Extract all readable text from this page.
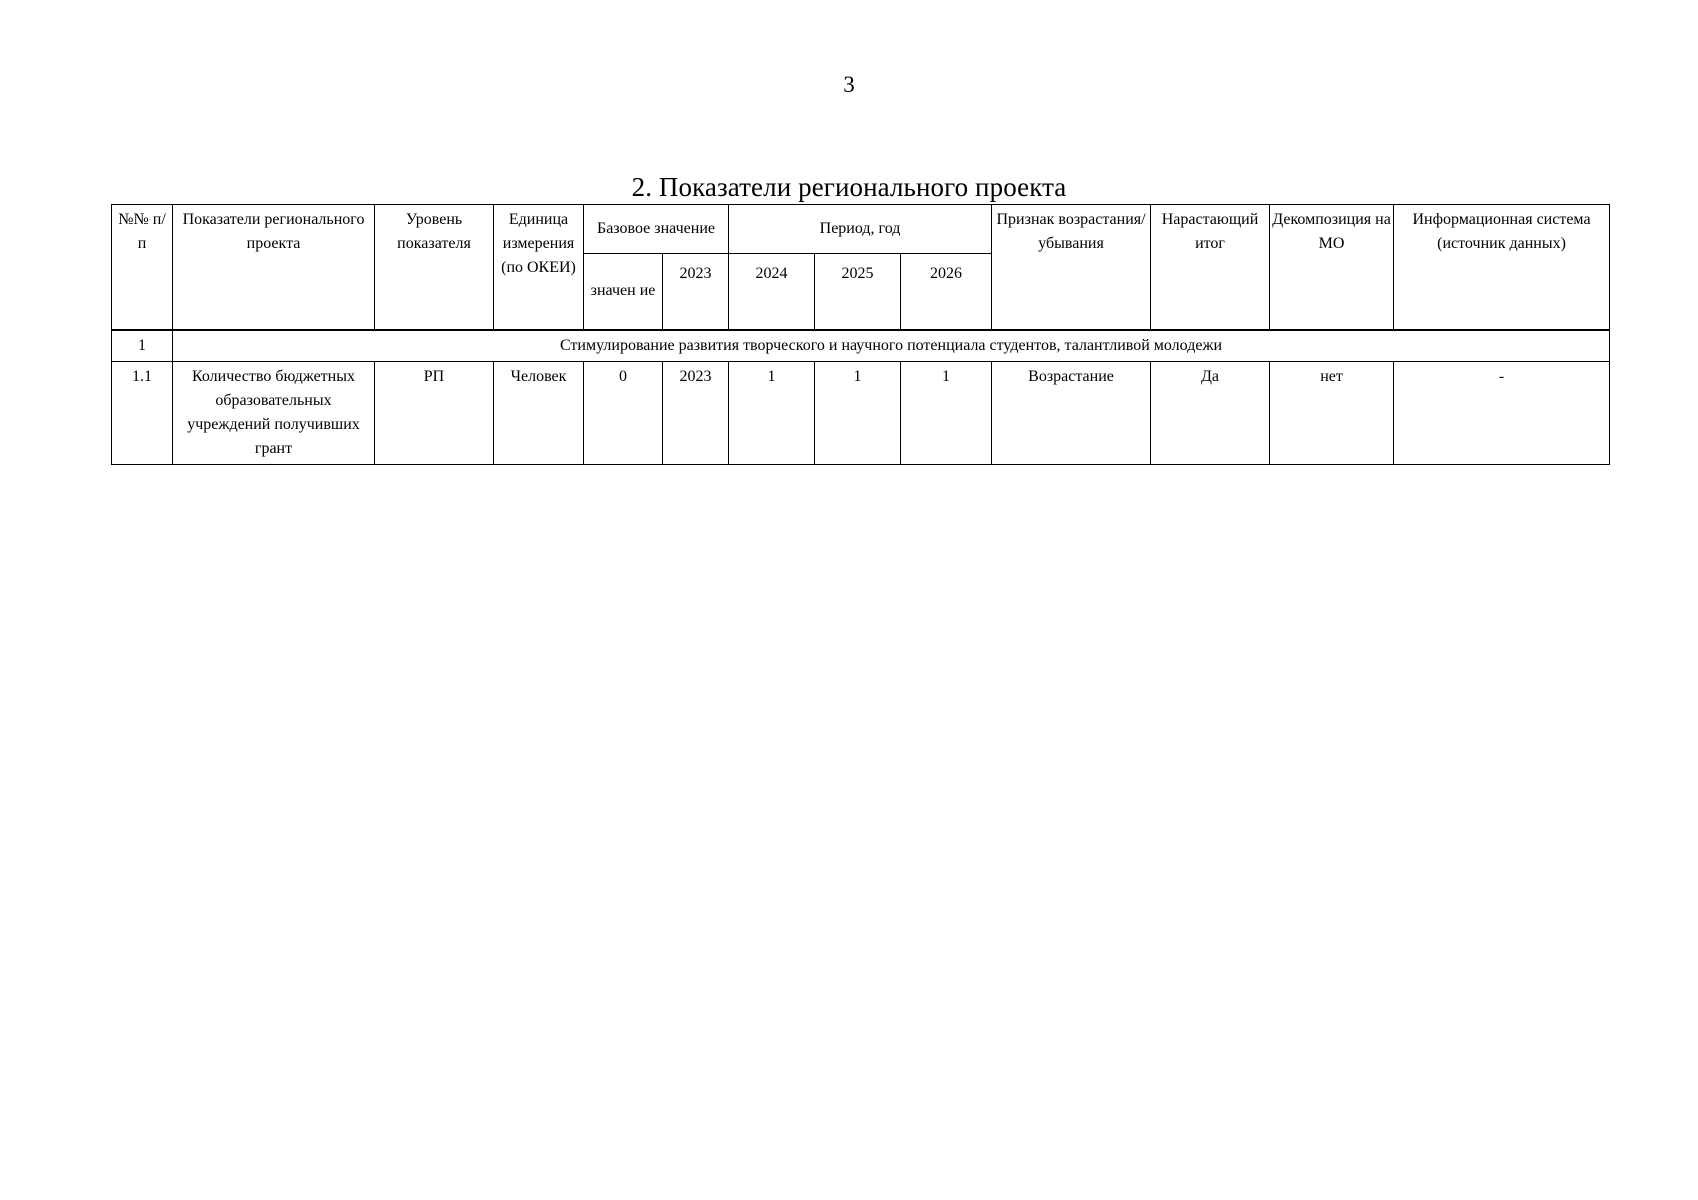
3
2. Показатели регионального проекта
№№ п/п	Показатели регионального проекта	Уровень показателя	Единица измерения (по ОКЕИ)	Базовое значение		Период, год			Признак возрастания/ убывания	Нарастающий итог	Декомпозиция на МО	Информационная система (источник данных)
				значен ие	2023	2024	2025	2026				
1	Стимулирование развития творческого и научного потенциала студентов, талантливой молодежи											
1.1	Количество бюджетных образовательных учреждений получивших грант	РП	Человек	0	2023	1	1	1	Возрастание	Да	нет	-
